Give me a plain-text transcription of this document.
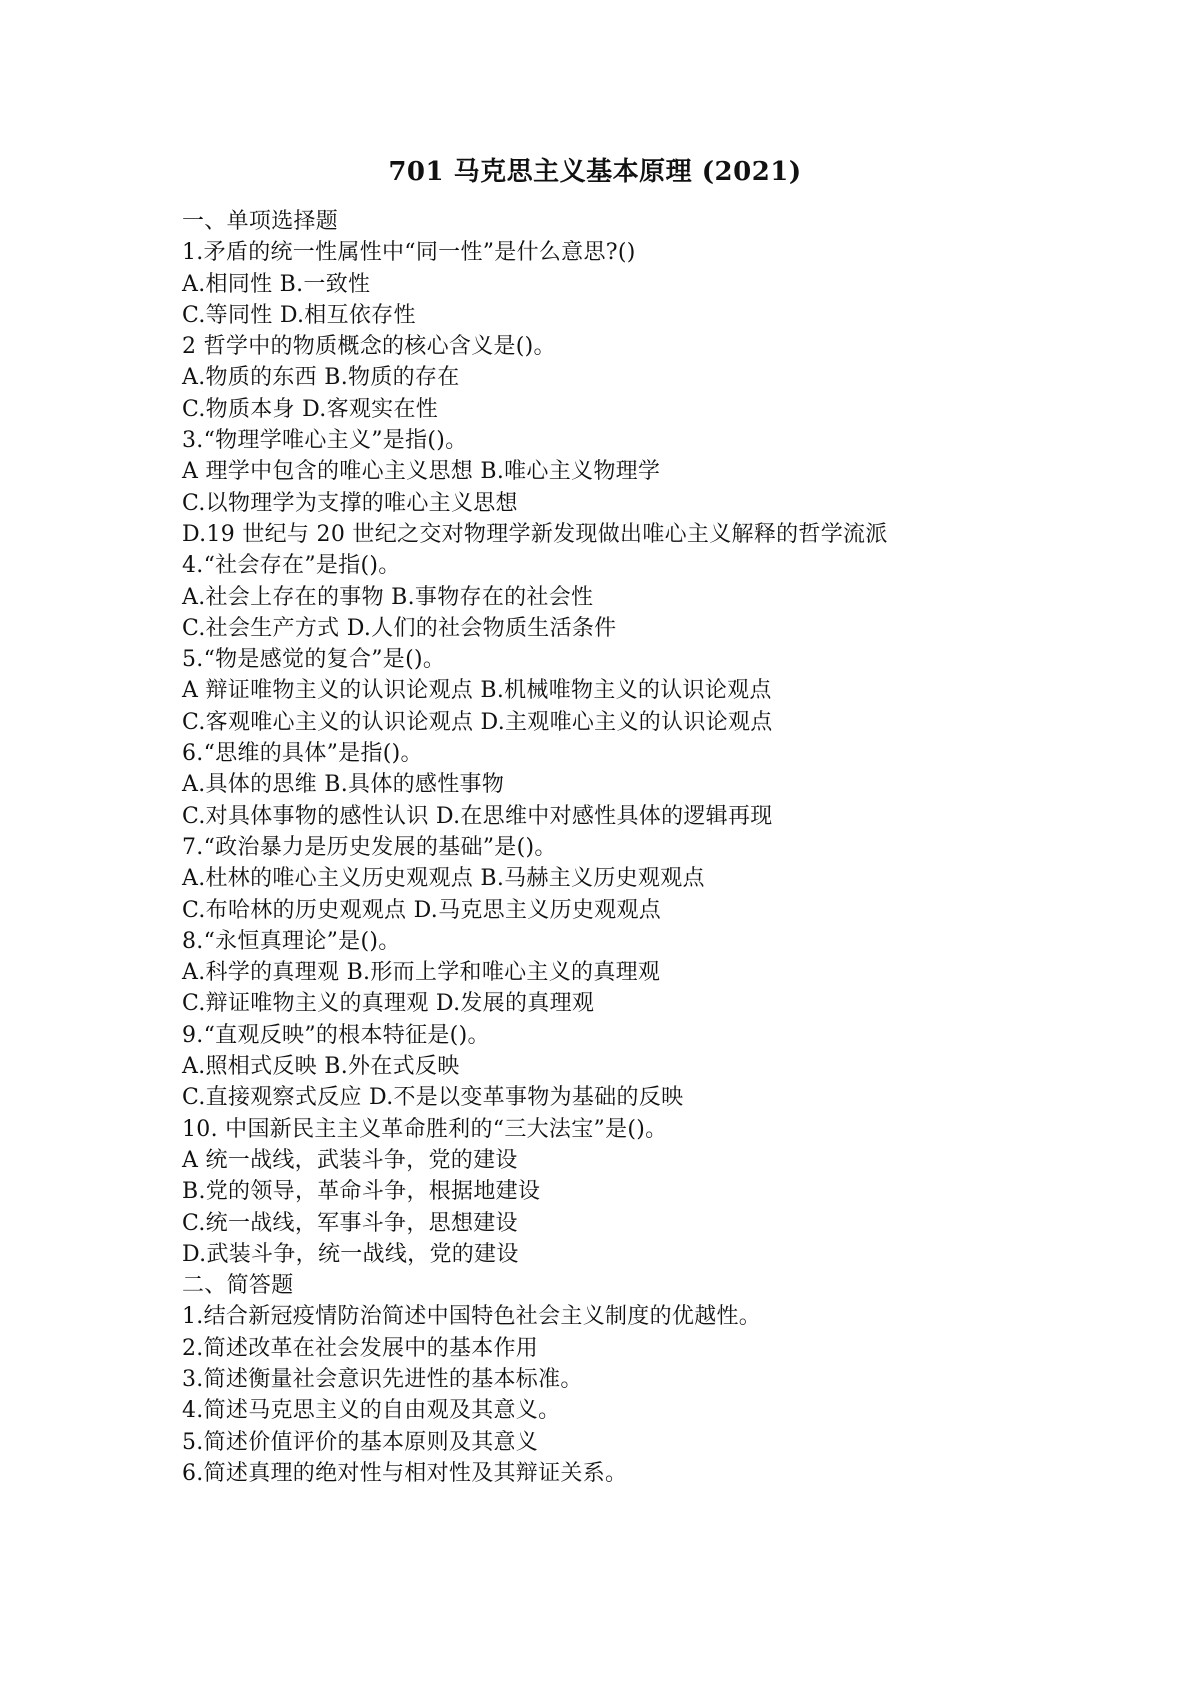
701 马克思主义基本原理 (2021)
一、单项选择题
1.矛盾的统一性属性中“同一性”是什么意思?()
A.相同性 B.一致性
C.等同性 D.相互依存性
2 哲学中的物质概念的核心含义是()。
A.物质的东西 B.物质的存在
C.物质本身 D.客观实在性
3.“物理学唯心主义”是指()。
A 理学中包含的唯心主义思想 B.唯心主义物理学
C.以物理学为支撑的唯心主义思想
D.19 世纪与 20 世纪之交对物理学新发现做出唯心主义解释的哲学流派
4.“社会存在”是指()。
A.社会上存在的事物 B.事物存在的社会性
C.社会生产方式 D.人们的社会物质生活条件
5.“物是感觉的复合”是()。
A 辩证唯物主义的认识论观点 B.机械唯物主义的认识论观点
C.客观唯心主义的认识论观点 D.主观唯心主义的认识论观点
6.“思维的具体”是指()。
A.具体的思维 B.具体的感性事物
C.对具体事物的感性认识 D.在思维中对感性具体的逻辑再现
7.“政治暴力是历史发展的基础”是()。
A.杜林的唯心主义历史观观点 B.马赫主义历史观观点
C.布哈林的历史观观点 D.马克思主义历史观观点
8.“永恒真理论”是()。
A.科学的真理观 B.形而上学和唯心主义的真理观
C.辩证唯物主义的真理观 D.发展的真理观
9.“直观反映”的根本特征是()。
A.照相式反映 B.外在式反映
C.直接观察式反应 D.不是以变革事物为基础的反映
10. 中国新民主主义革命胜利的“三大法宝”是()。
A 统一战线，武装斗争，党的建设
B.党的领导，革命斗争，根据地建设
C.统一战线，军事斗争，思想建设
D.武装斗争，统一战线，党的建设
二、简答题
1.结合新冠疫情防治简述中国特色社会主义制度的优越性。
2.简述改革在社会发展中的基本作用
3.简述衡量社会意识先进性的基本标准。
4.简述马克思主义的自由观及其意义。
5.简述价值评价的基本原则及其意义
6.简述真理的绝对性与相对性及其辩证关系。
